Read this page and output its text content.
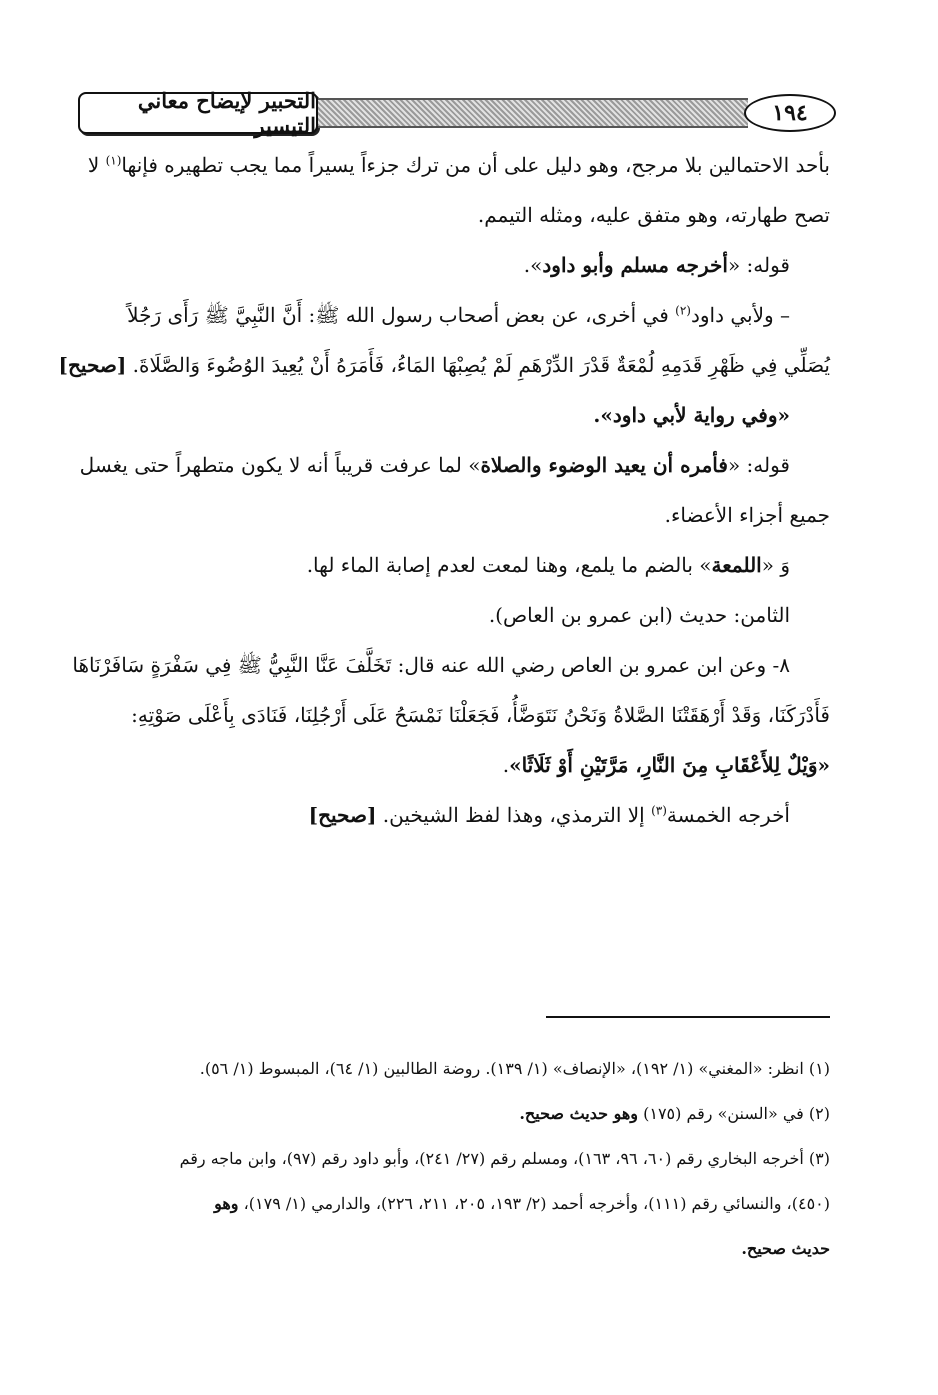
التحبير لإيضاح معاني التيسير	١٩٤
بأحد الاحتمالين بلا مرجح، وهو دليل على أن من ترك جزءاً يسيراً مما يجب تطهيره فإنها$^{(١)}$ لا
تصح طهارته، وهو متفق عليه، ومثله التيمم.
قوله: «أخرجه مسلم وأبو داود».
– ولأبي داود$^{(٢)}$ في أخرى، عن بعض أصحاب رسول الله ﷺ: أَنَّ النَّبِيَّ ﷺ رَأَى رَجُلاً
يُصَلِّي فِي ظَهْرِ قَدَمِهِ لُمْعَةٌ قَدْرَ الدِّرْهَمِ لَمْ يُصِبْهَا المَاءُ، فَأَمَرَهُ أَنْ يُعِيدَ الوُضُوءَ وَالصَّلَاةَ. [صحيح]
«وفي رواية لأبي داود».
قوله: «فأمره أن يعيد الوضوء والصلاة» لما عرفت قريباً أنه لا يكون متطهراً حتى يغسل
جميع أجزاء الأعضاء.
وَ «اللمعة» بالضم ما يلمع، وهنا لمعت لعدم إصابة الماء لها.
الثامن: حديث (ابن عمرو بن العاص).
٨- وعن ابن عمرو بن العاص رضي الله عنه قال: تَخَلَّفَ عَنَّا النَّبِيُّ ﷺ فِي سَفْرَةٍ سَافَرْنَاهَا
فَأَدْرَكَنَا، وَقَدْ أَرْهَقَتْنَا الصَّلاةُ وَنَحْنُ نَتَوَضَّأُ، فَجَعَلْنَا نَمْسَحُ عَلَى أَرْجُلِنَا، فَنَادَى بِأَعْلَى صَوْتِهِ:
«وَيْلٌ لِلأَعْقَابِ مِنَ النَّارِ، مَرَّتَيْنِ أَوْ ثَلَاثًا».
أخرجه الخمسة$^{(٣)}$ إلا الترمذي، وهذا لفظ الشيخين. [صحيح]
(١) انظر: «المغني» (١/ ١٩٢)، «الإنصاف» (١/ ١٣٩). روضة الطالبين (١/ ٦٤)، المبسوط (١/ ٥٦).
(٢) في «السنن» رقم (١٧٥) وهو حديث صحيح.
(٣) أخرجه البخاري رقم (٦٠، ٩٦، ١٦٣)، ومسلم رقم (٢٧/ ٢٤١)، وأبو داود رقم (٩٧)، وابن ماجه رقم
(٤٥٠)، والنسائي رقم (١١١)، وأخرجه أحمد (٢/ ١٩٣، ٢٠٥، ٢١١، ٢٢٦)، والدارمي (١/ ١٧٩)، وهو
حديث صحيح.
